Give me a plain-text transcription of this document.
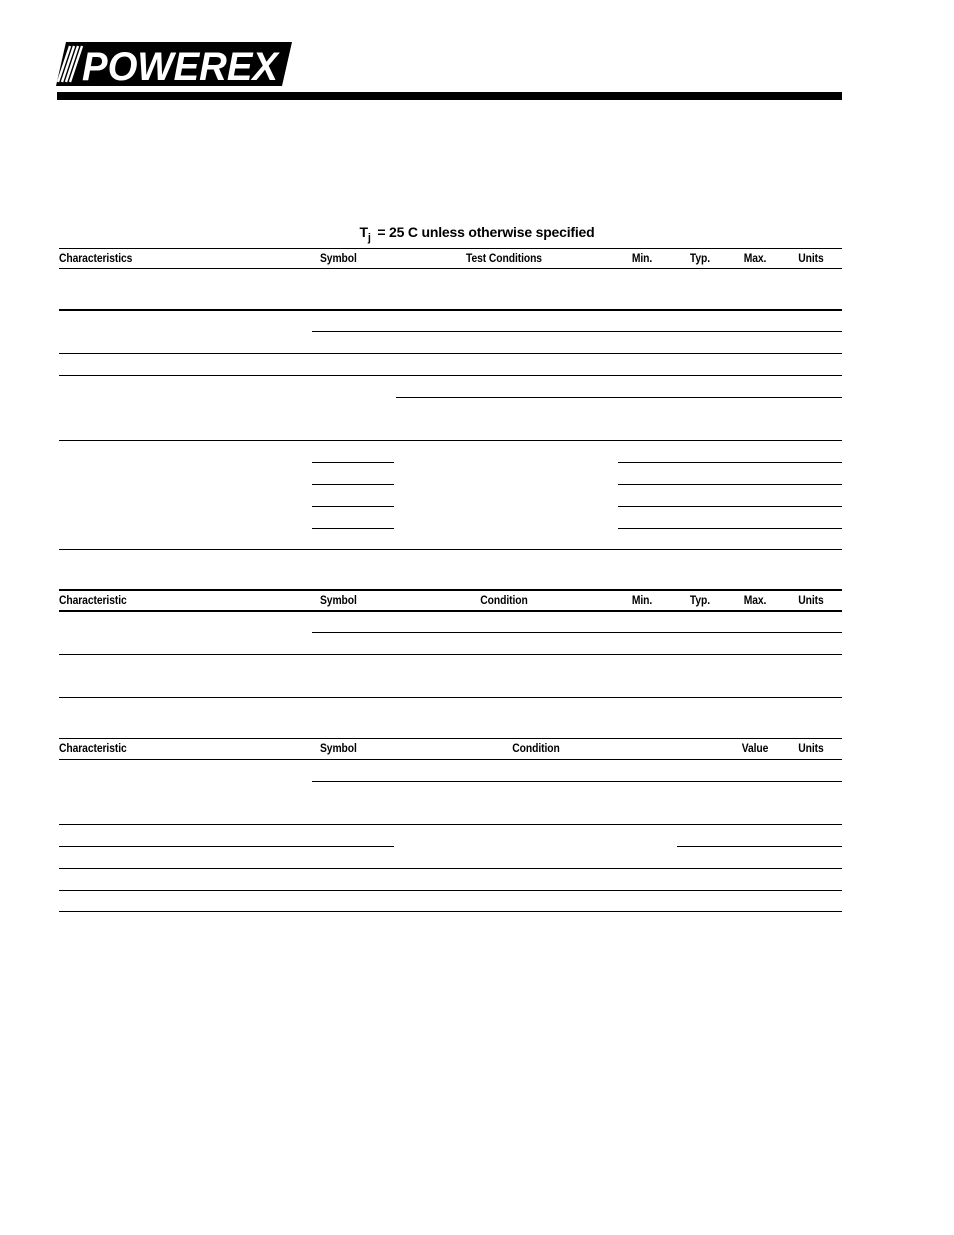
POWEREX
$T_j = 25$ C unless otherwise specified
Characteristics	Symbol	Test Conditions	Min.	Typ.	Max.	Units
Characteristic	Symbol	Condition	Min.	Typ.	Max.	Units
Characteristic	Symbol	Condition	Value	Units
